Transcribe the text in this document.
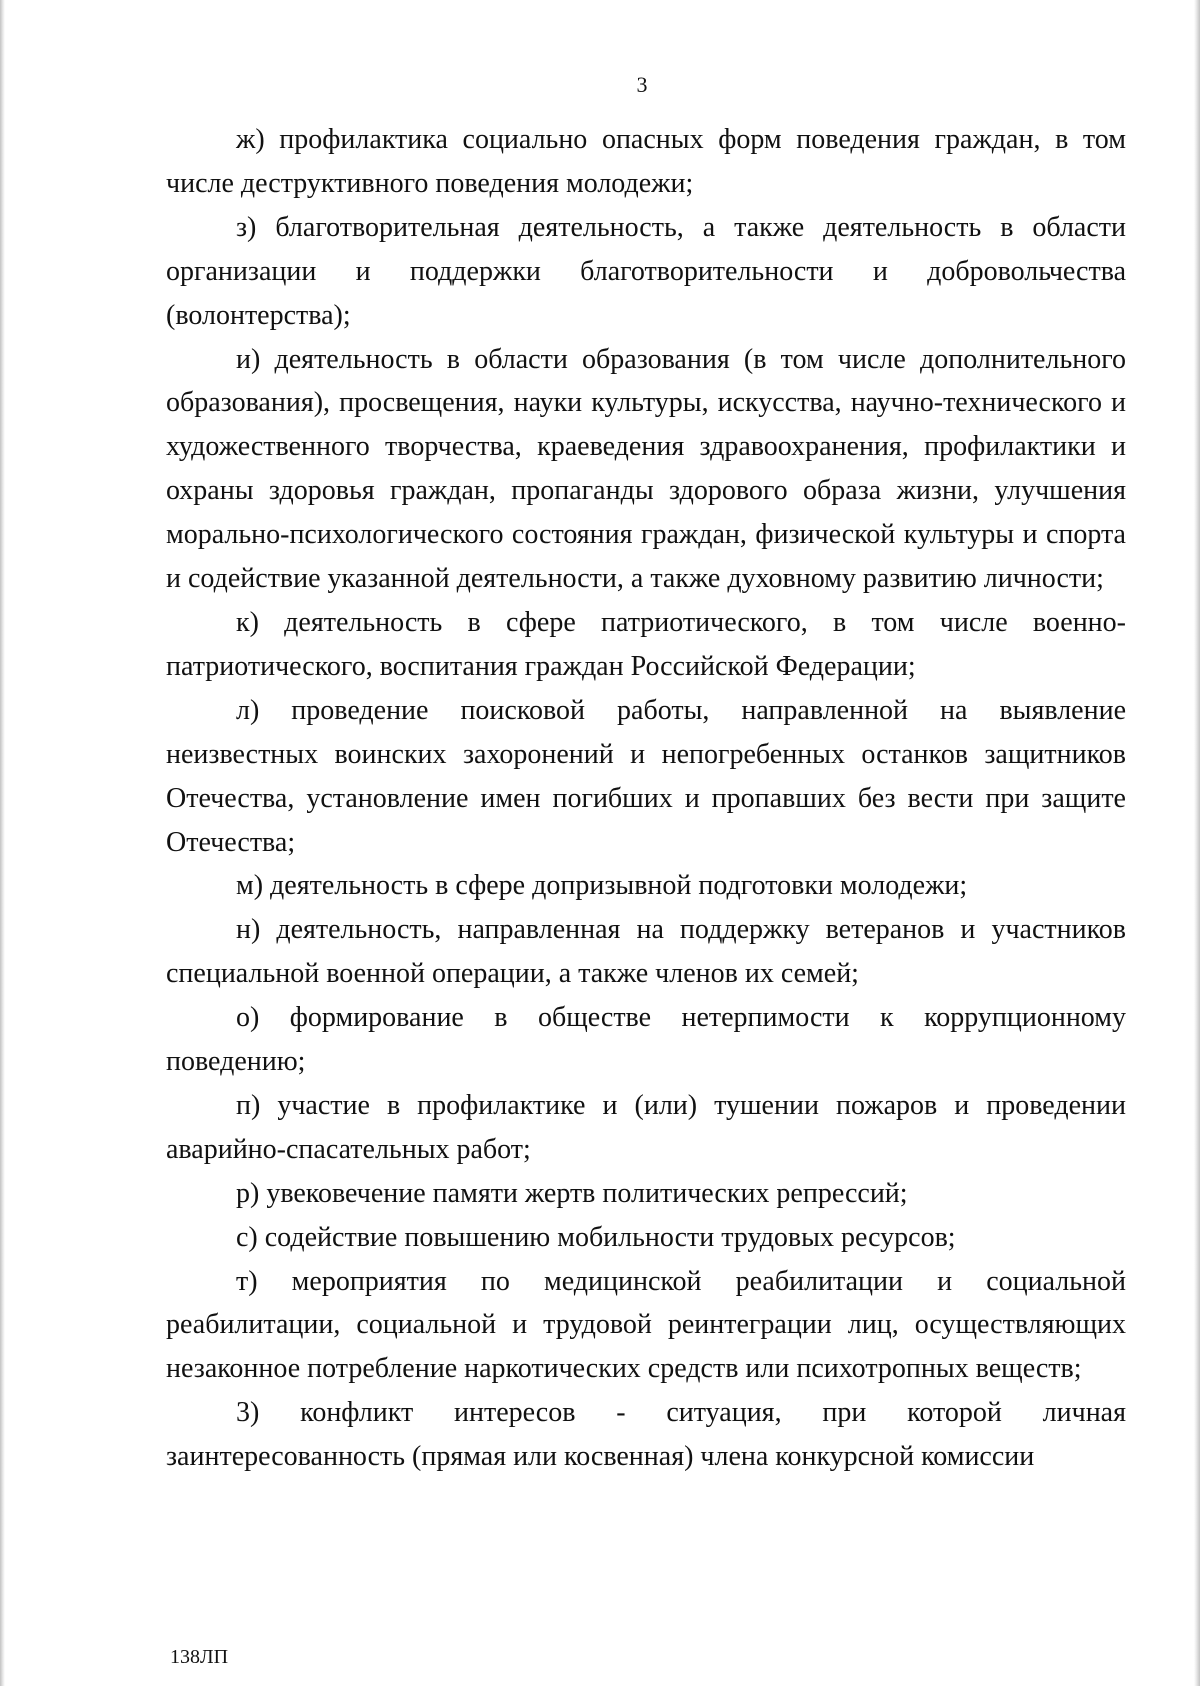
3

ж) профилактика социально опасных форм поведения граждан, в том числе деструктивного поведения молодежи;

з) благотворительная деятельность, а также деятельность в области организации и поддержки благотворительности и добровольчества (волонтерства);

и) деятельность в области образования (в том числе дополнительного образования), просвещения, науки культуры, искусства, научно-технического и художественного творчества, краеведения здравоохранения, профилактики и охраны здоровья граждан, пропаганды здорового образа жизни, улучшения морально-психологического состояния граждан, физической культуры и спорта и содействие указанной деятельности, а также духовному развитию личности;

к) деятельность в сфере патриотического, в том числе военно-патриотического, воспитания граждан Российской Федерации;

л) проведение поисковой работы, направленной на выявление неизвестных воинских захоронений и непогребенных останков защитников Отечества, установление имен погибших и пропавших без вести при защите Отечества;

м) деятельность в сфере допризывной подготовки молодежи;

н) деятельность, направленная на поддержку ветеранов и участников специальной военной операции, а также членов их семей;

о) формирование в обществе нетерпимости к коррупционному поведению;

п) участие в профилактике и (или) тушении пожаров и проведении аварийно-спасательных работ;

р) увековечение памяти жертв политических репрессий;

с) содействие повышению мобильности трудовых ресурсов;

т) мероприятия по медицинской реабилитации и социальной реабилитации, социальной и трудовой реинтеграции лиц, осуществляющих незаконное потребление наркотических средств или психотропных веществ;

3) конфликт интересов - ситуация, при которой личная заинтересованность (прямая или косвенная) члена конкурсной комиссии

138ЛП
